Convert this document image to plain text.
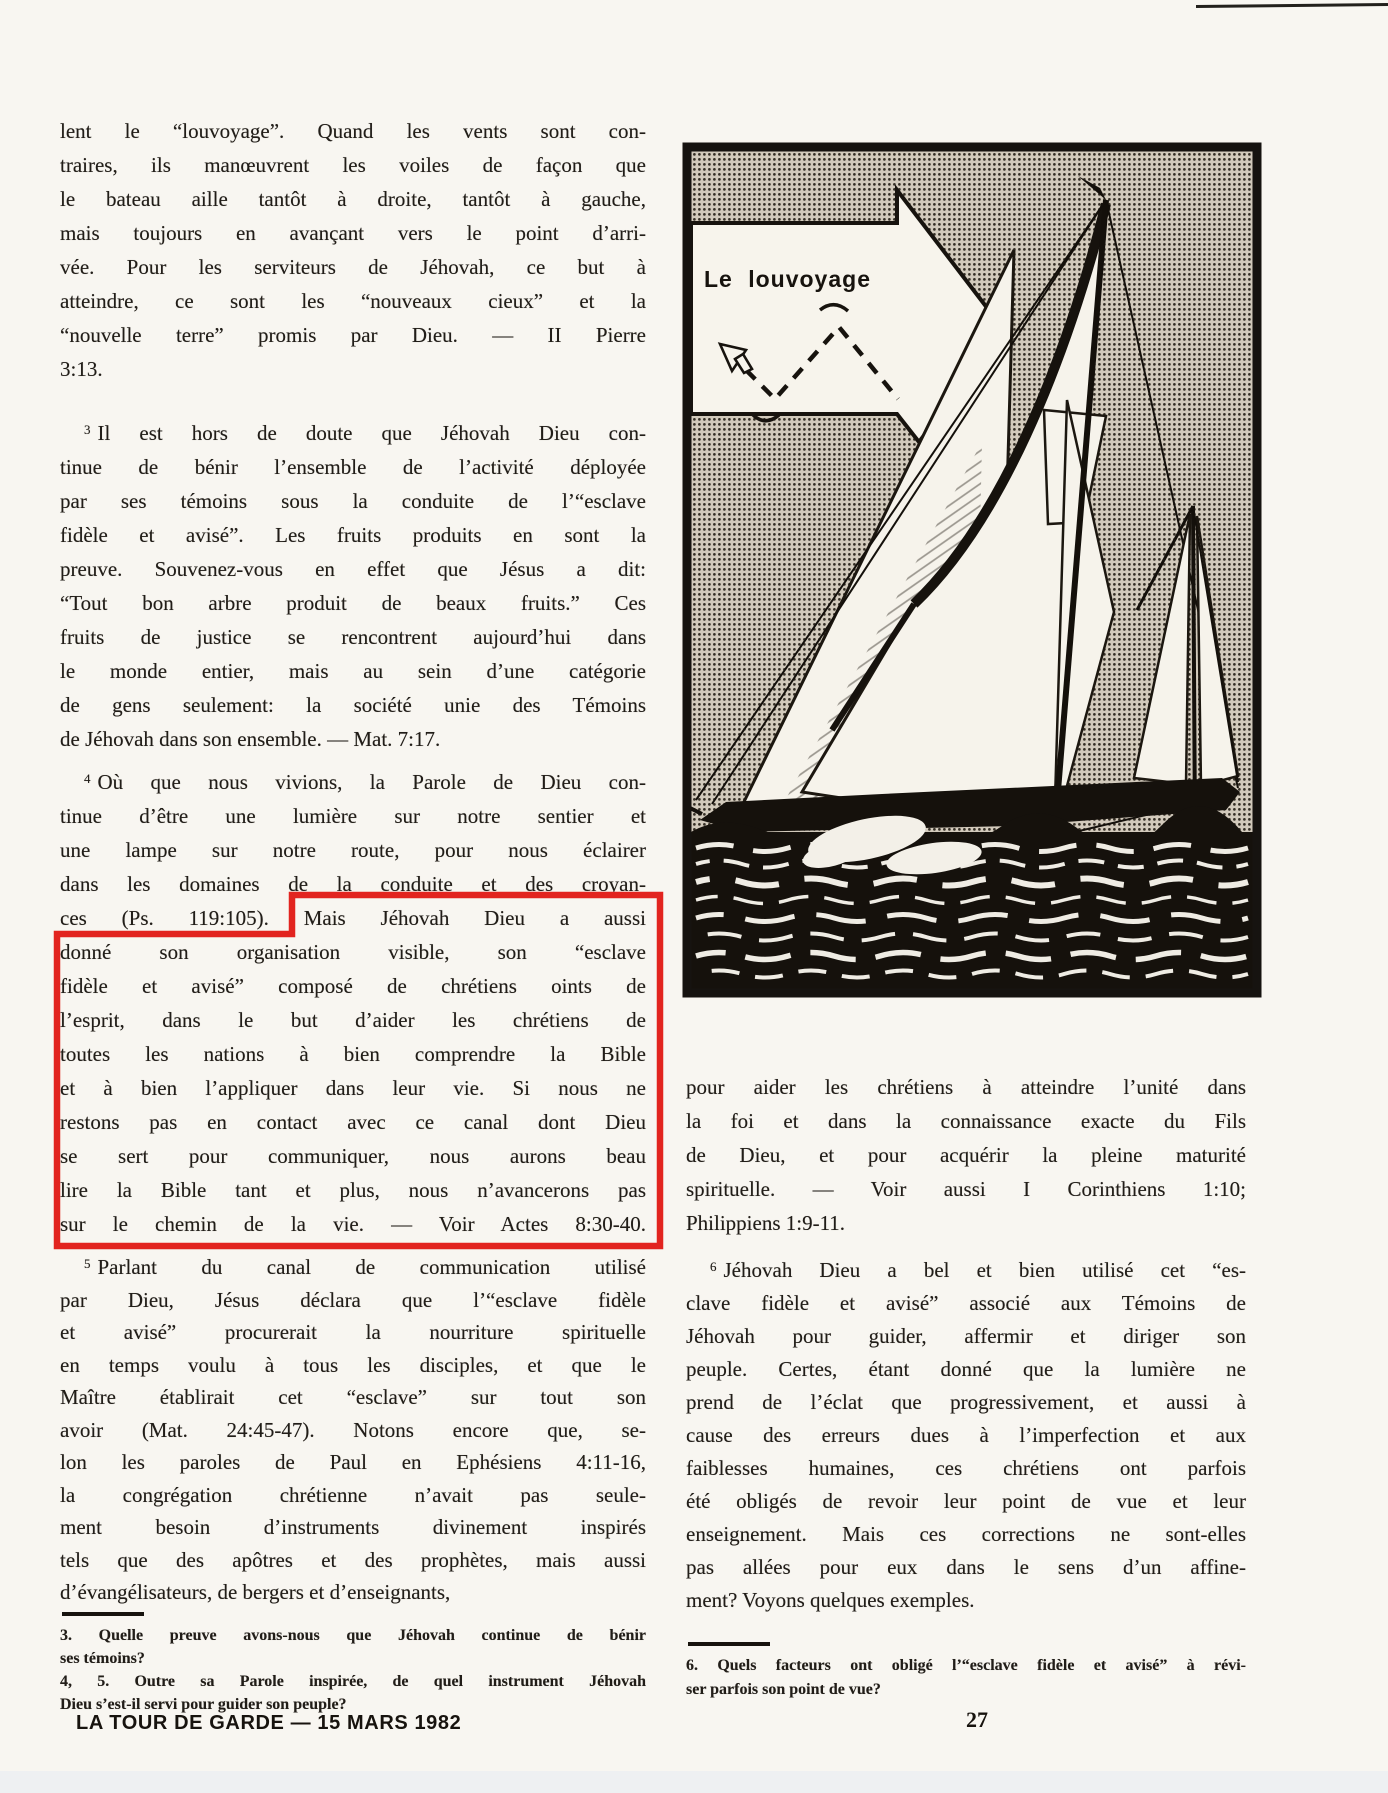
lent le “louvoyage”. Quand les vents sont con-
traires, ils manœuvrent les voiles de façon que
le bateau aille tantôt à droite, tantôt à gauche,
mais toujours en avançant vers le point d’arri-
vée. Pour les serviteurs de Jéhovah, ce but à
atteindre, ce sont les “nouveaux cieux” et la
“nouvelle terre” promis par Dieu. — II Pierre
3:13.
$^3$ Il est hors de doute que Jéhovah Dieu con-
tinue de bénir l’ensemble de l’activité déployée
par ses témoins sous la conduite de l’“esclave
fidèle et avisé”. Les fruits produits en sont la
preuve. Souvenez-vous en effet que Jésus a dit:
“Tout bon arbre produit de beaux fruits.” Ces
fruits de justice se rencontrent aujourd’hui dans
le monde entier, mais au sein d’une catégorie
de gens seulement: la société unie des Témoins
de Jéhovah dans son ensemble. — Mat. 7:17.
$^4$ Où que nous vivions, la Parole de Dieu con-
tinue d’être une lumière sur notre sentier et
une lampe sur notre route, pour nous éclairer
dans les domaines de la conduite et des croyan-
ces (Ps. 119:105). Mais Jéhovah Dieu a aussi
donné son organisation visible, son “esclave
fidèle et avisé” composé de chrétiens oints de
l’esprit, dans le but d’aider les chrétiens de
toutes les nations à bien comprendre la Bible
et à bien l’appliquer dans leur vie. Si nous ne
restons pas en contact avec ce canal dont Dieu
se sert pour communiquer, nous aurons beau
lire la Bible tant et plus, nous n’avancerons pas
sur le chemin de la vie. — Voir Actes 8:30-40.
$^5$ Parlant du canal de communication utilisé
par Dieu, Jésus déclara que l’“esclave fidèle
et avisé” procurerait la nourriture spirituelle
en temps voulu à tous les disciples, et que le
Maître établirait cet “esclave” sur tout son
avoir (Mat. 24:45-47). Notons encore que, se-
lon les paroles de Paul en Ephésiens 4:11-16,
la congrégation chrétienne n’avait pas seule-
ment besoin d’instruments divinement inspirés
tels que des apôtres et des prophètes, mais aussi
d’évangélisateurs, de bergers et d’enseignants,
pour aider les chrétiens à atteindre l’unité dans
la foi et dans la connaissance exacte du Fils
de Dieu, et pour acquérir la pleine maturité
spirituelle. — Voir aussi I Corinthiens 1:10;
Philippiens 1:9-11.
$^6$ Jéhovah Dieu a bel et bien utilisé cet “es-
clave fidèle et avisé” associé aux Témoins de
Jéhovah pour guider, affermir et diriger son
peuple. Certes, étant donné que la lumière ne
prend de l’éclat que progressivement, et aussi à
cause des erreurs dues à l’imperfection et aux
faiblesses humaines, ces chrétiens ont parfois
été obligés de revoir leur point de vue et leur
enseignement. Mais ces corrections ne sont-elles
pas allées pour eux dans le sens d’un affine-
ment? Voyons quelques exemples.
3. Quelle preuve avons-nous que Jéhovah continue de bénir
ses témoins?
4, 5. Outre sa Parole inspirée, de quel instrument Jéhovah
Dieu s’est-il servi pour guider son peuple?
6. Quels facteurs ont obligé l’“esclave fidèle et avisé” à révi-
ser parfois son point de vue?
LA TOUR DE GARDE — 15 MARS 1982	27
Le louvoyage
